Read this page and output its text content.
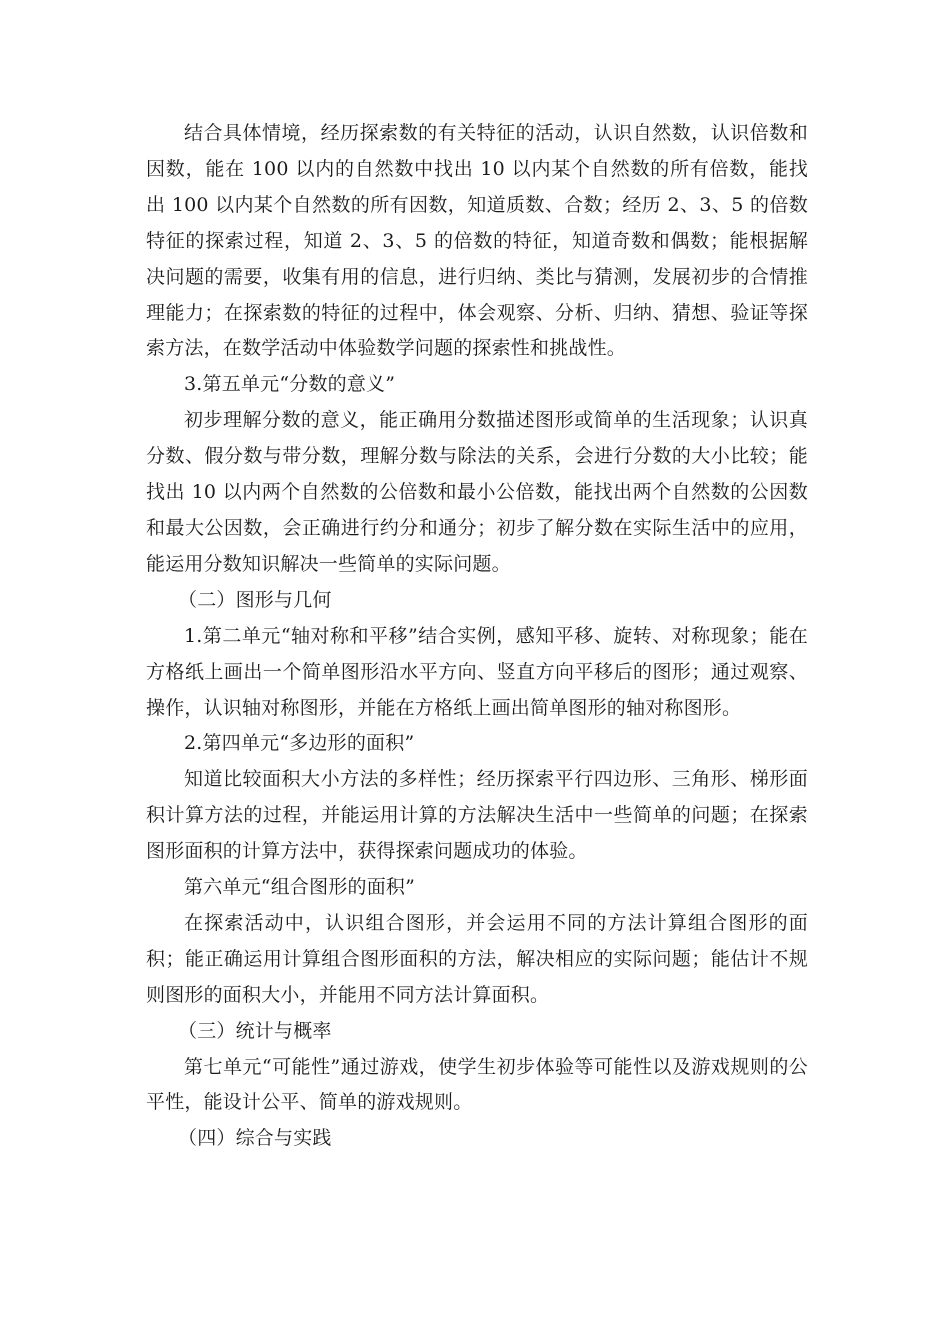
结合具体情境，经历探索数的有关特征的活动，认识自然数，认识倍数和因数，能在 100 以内的自然数中找出 10 以内某个自然数的所有倍数，能找出 100 以内某个自然数的所有因数，知道质数、合数；经历 2、3、5 的倍数特征的探索过程，知道 2、3、5 的倍数的特征，知道奇数和偶数；能根据解决问题的需要，收集有用的信息，进行归纳、类比与猜测，发展初步的合情推理能力；在探索数的特征的过程中，体会观察、分析、归纳、猜想、验证等探索方法，在数学活动中体验数学问题的探索性和挑战性。

3.第五单元“分数的意义”

初步理解分数的意义，能正确用分数描述图形或简单的生活现象；认识真分数、假分数与带分数，理解分数与除法的关系，会进行分数的大小比较；能找出 10 以内两个自然数的公倍数和最小公倍数，能找出两个自然数的公因数和最大公因数，会正确进行约分和通分；初步了解分数在实际生活中的应用，能运用分数知识解决一些简单的实际问题。

（二）图形与几何

1.第二单元“轴对称和平移”结合实例，感知平移、旋转、对称现象；能在方格纸上画出一个简单图形沿水平方向、竖直方向平移后的图形；通过观察、操作，认识轴对称图形，并能在方格纸上画出简单图形的轴对称图形。

2.第四单元“多边形的面积”

知道比较面积大小方法的多样性；经历探索平行四边形、三角形、梯形面积计算方法的过程，并能运用计算的方法解决生活中一些简单的问题；在探索图形面积的计算方法中，获得探索问题成功的体验。

第六单元“组合图形的面积”

在探索活动中，认识组合图形，并会运用不同的方法计算组合图形的面积；能正确运用计算组合图形面积的方法，解决相应的实际问题；能估计不规则图形的面积大小，并能用不同方法计算面积。

（三）统计与概率

第七单元“可能性”通过游戏，使学生初步体验等可能性以及游戏规则的公平性，能设计公平、简单的游戏规则。

（四）综合与实践
